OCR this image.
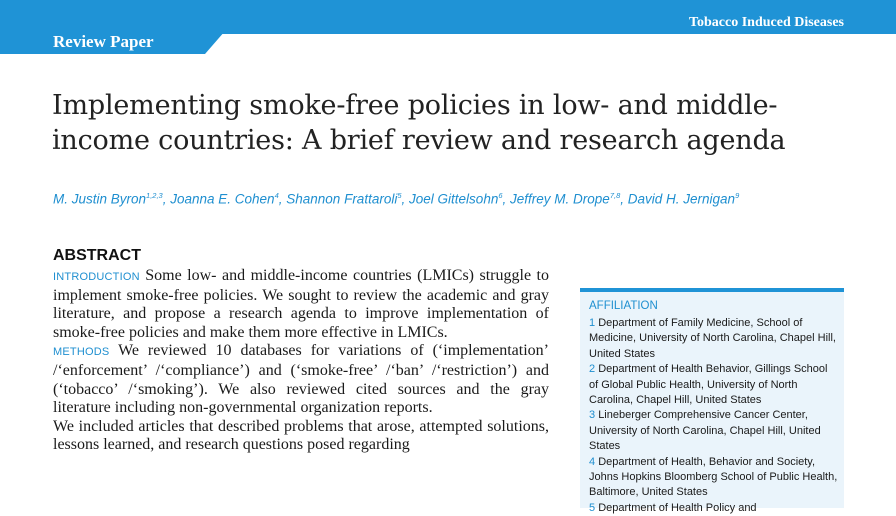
Tobacco Induced Diseases
Review Paper
Implementing smoke-free policies in low- and middle-income countries: A brief review and research agenda
M. Justin Byron$^{1,2,3}$, Joanna E. Cohen$^4$, Shannon Frattaroli$^5$, Joel Gittelsohn$^6$, Jeffrey M. Drope$^{7,8}$, David H. Jernigan$^9$
ABSTRACT

INTRODUCTION Some low- and middle-income countries (LMICs) struggle to implement smoke-free policies. We sought to review the academic and gray literature, and propose a research agenda to improve implementation of smoke-free policies and make them more effective in LMICs.

METHODS We reviewed 10 databases for variations of (‘implementation’ /‘enforcement’ /‘compliance’) and (‘smoke-free’ /‘ban’ /‘restriction’) and (‘tobacco’ /‘smoking’). We also reviewed cited sources and the gray literature including non-governmental organization reports.

We included articles that described problems that arose, attempted solutions, lessons learned, and research questions posed regarding

AFFILIATION

1 Department of Family Medicine, School of Medicine, University of North Carolina, Chapel Hill, United States

2 Department of Health Behavior, Gillings School of Global Public Health, University of North Carolina, Chapel Hill, United States

3 Lineberger Comprehensive Cancer Center, University of North Carolina, Chapel Hill, United States

4 Department of Health, Behavior and Society, Johns Hopkins Bloomberg School of Public Health, Baltimore, United States

5 Department of Health Policy and
